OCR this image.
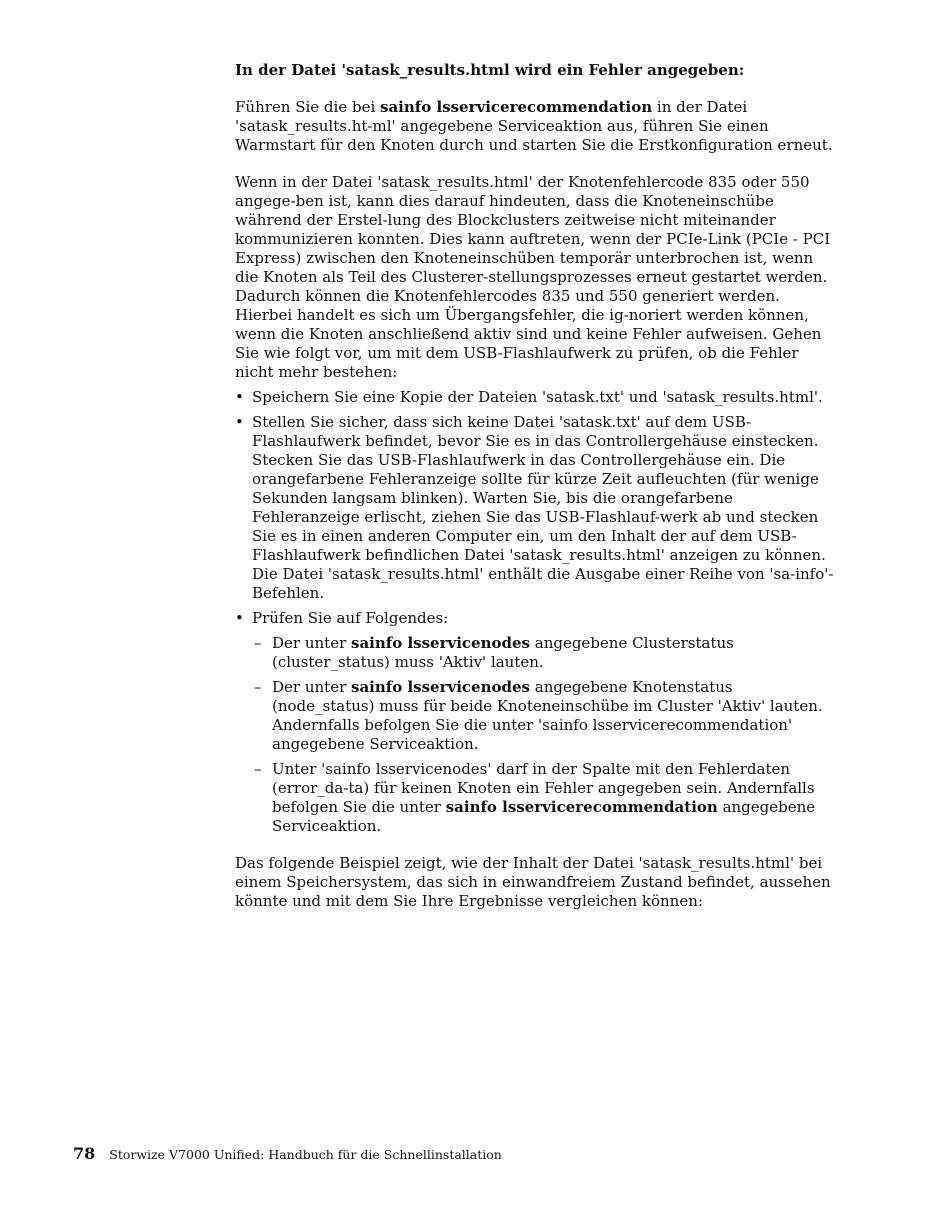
In der Datei 'satask_results.html wird ein Fehler angegeben:

Führen Sie die bei sainfo lsservicerecommendation in der Datei 'satask_results.ht-ml' angegebene Serviceaktion aus, führen Sie einen Warmstart für den Knoten durch und starten Sie die Erstkonfiguration erneut.

Wenn in der Datei 'satask_results.html' der Knotenfehlercode 835 oder 550 angege-ben ist, kann dies darauf hindeuten, dass die Knoteneinschübe während der Erstel-lung des Blockclusters zeitweise nicht miteinander kommunizieren konnten. Dies kann auftreten, wenn der PCIe-Link (PCIe - PCI Express) zwischen den Knoteneinschüben temporär unterbrochen ist, wenn die Knoten als Teil des Clusterer-stellungsprozesses erneut gestartet werden. Dadurch können die Knotenfehlercodes 835 und 550 generiert werden. Hierbei handelt es sich um Übergangsfehler, die ig-noriert werden können, wenn die Knoten anschließend aktiv sind und keine Fehler aufweisen. Gehen Sie wie folgt vor, um mit dem USB-Flashlaufwerk zu prüfen, ob die Fehler nicht mehr bestehen:

• Speichern Sie eine Kopie der Dateien 'satask.txt' und 'satask_results.html'.
• Stellen Sie sicher, dass sich keine Datei 'satask.txt' auf dem USB-Flashlaufwerk befindet, bevor Sie es in das Controllergehäuse einstecken. Stecken Sie das USB-Flashlaufwerk in das Controllergehäuse ein. Die orangefarbene Fehleranzeige sollte für kürze Zeit aufleuchten (für wenige Sekunden langsam blinken). Warten Sie, bis die orangefarbene Fehleranzeige erlischt, ziehen Sie das USB-Flashlauf-werk ab und stecken Sie es in einen anderen Computer ein, um den Inhalt der auf dem USB-Flashlaufwerk befindlichen Datei 'satask_results.html' anzeigen zu können. Die Datei 'satask_results.html' enthält die Ausgabe einer Reihe von 'sa-info'-Befehlen.
• Prüfen Sie auf Folgendes:
– Der unter sainfo lsservicenodes angegebene Clusterstatus (cluster_status) muss 'Aktiv' lauten.
– Der unter sainfo lsservicenodes angegebene Knotenstatus (node_status) muss für beide Knoteneinschübe im Cluster 'Aktiv' lauten. Andernfalls befolgen Sie die unter 'sainfo lsservicerecommendation' angegebene Serviceaktion.
– Unter 'sainfo lsservicenodes' darf in der Spalte mit den Fehlerdaten (error_da-ta) für keinen Knoten ein Fehler angegeben sein. Andernfalls befolgen Sie die unter sainfo lsservicerecommendation angegebene Serviceaktion.

Das folgende Beispiel zeigt, wie der Inhalt der Datei 'satask_results.html' bei einem Speichersystem, das sich in einwandfreiem Zustand befindet, aussehen könnte und mit dem Sie Ihre Ergebnisse vergleichen können:

78 Storwize V7000 Unified: Handbuch für die Schnellinstallation
